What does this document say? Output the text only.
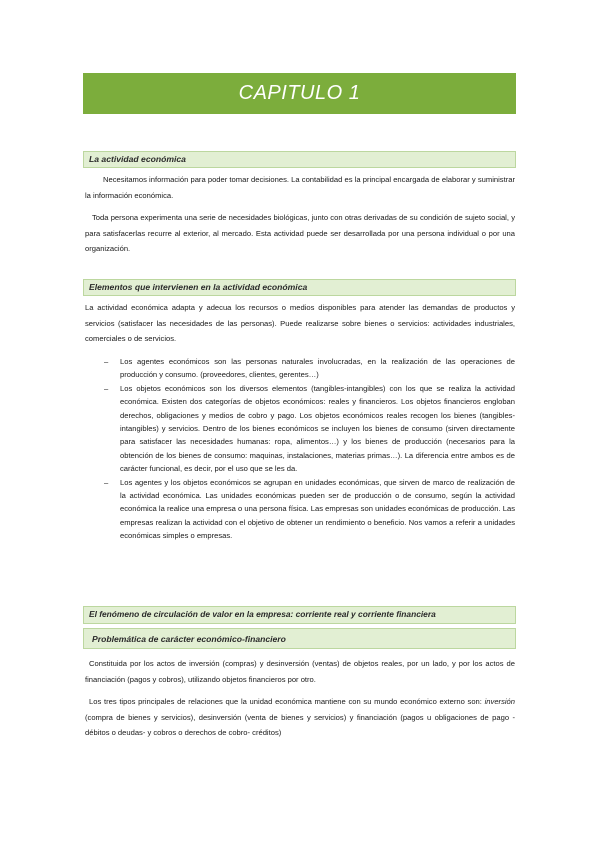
CAPITULO 1
La actividad económica

Necesitamos información para poder tomar decisiones. La contabilidad es la principal encargada de elaborar y suministrar la información económica.

Toda persona experimenta una serie de necesidades biológicas, junto con otras derivadas de su condición de sujeto social, y para satisfacerlas recurre al exterior, al mercado. Esta actividad puede ser desarrollada por una persona individual o por una organización.

Elementos que intervienen en la actividad económica

La actividad económica adapta y adecua los recursos o medios disponibles para atender las demandas de productos y servicios (satisfacer las necesidades de las personas). Puede realizarse sobre bienes o servicios: actividades industriales, comerciales o de servicios.

– Los agentes económicos son las personas naturales involucradas, en la realización de las operaciones de producción y consumo. (proveedores, clientes, gerentes…)
– Los objetos económicos son los diversos elementos (tangibles-intangibles) con los que se realiza la actividad económica. Existen dos categorías de objetos económicos: reales y financieros. Los objetos financieros engloban derechos, obligaciones y medios de cobro y pago. Los objetos económicos reales recogen los bienes (tangibles-intangibles) y servicios. Dentro de los bienes económicos se incluyen los bienes de consumo (sirven directamente para satisfacer las necesidades humanas: ropa, alimentos…) y los bienes de producción (necesarios para la obtención de los bienes de consumo: maquinas, instalaciones, materias primas…). La diferencia entre ambos es de carácter funcional, es decir, por el uso que se les da.
– Los agentes y los objetos económicos se agrupan en unidades económicas, que sirven de marco de realización de la actividad económica. Las unidades económicas pueden ser de producción o de consumo, según la actividad económica la realice una empresa o una persona física. Las empresas son unidades económicas de producción. Las empresas realizan la actividad con el objetivo de obtener un rendimiento o beneficio. Nos vamos a referir a unidades económicas simples o empresas.
El fenómeno de circulación de valor en la empresa: corriente real y corriente financiera
Problemática de carácter económico-financiero

Constituida por los actos de inversión (compras) y desinversión (ventas) de objetos reales, por un lado, y por los actos de financiación (pagos y cobros), utilizando objetos financieros por otro.

Los tres tipos principales de relaciones que la unidad económica mantiene con su mundo económico externo son: inversión (compra de bienes y servicios), desinversión (venta de bienes y servicios) y financiación (pagos u obligaciones de pago -débitos o deudas- y cobros o derechos de cobro- créditos)
